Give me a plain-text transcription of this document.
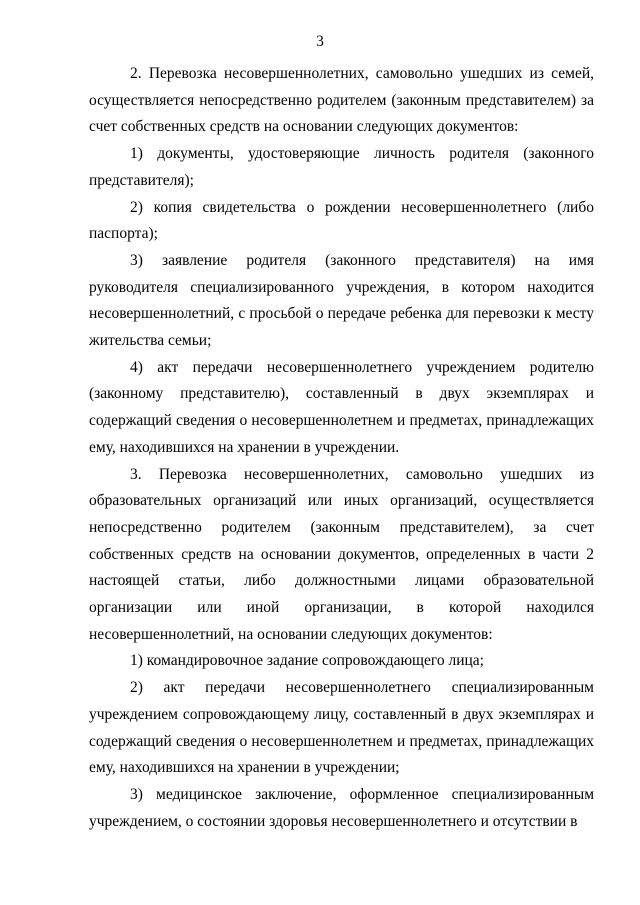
3

2. Перевозка несовершеннолетних, самовольно ушедших из семей, осуществляется непосредственно родителем (законным представителем) за счет собственных средств на основании следующих документов:

1) документы, удостоверяющие личность родителя (законного представителя);

2) копия свидетельства о рождении несовершеннолетнего (либо паспорта);

3) заявление родителя (законного представителя) на имя руководителя специализированного учреждения, в котором находится несовершеннолетний, с просьбой о передаче ребенка для перевозки к месту жительства семьи;

4) акт передачи несовершеннолетнего учреждением родителю (законному представителю), составленный в двух экземплярах и содержащий сведения о несовершеннолетнем и предметах, принадлежащих ему, находившихся на хранении в учреждении.

3. Перевозка несовершеннолетних, самовольно ушедших из образовательных организаций или иных организаций, осуществляется непосредственно родителем (законным представителем), за счет собственных средств на основании документов, определенных в части 2 настоящей статьи, либо должностными лицами образовательной организации или иной организации, в которой находился несовершеннолетний, на основании следующих документов:

1) командировочное задание сопровождающего лица;

2) акт передачи несовершеннолетнего специализированным учреждением сопровождающему лицу, составленный в двух экземплярах и содержащий сведения о несовершеннолетнем и предметах, принадлежащих ему, находившихся на хранении в учреждении;

3) медицинское заключение, оформленное специализированным учреждением, о состоянии здоровья несовершеннолетнего и отсутствии в
